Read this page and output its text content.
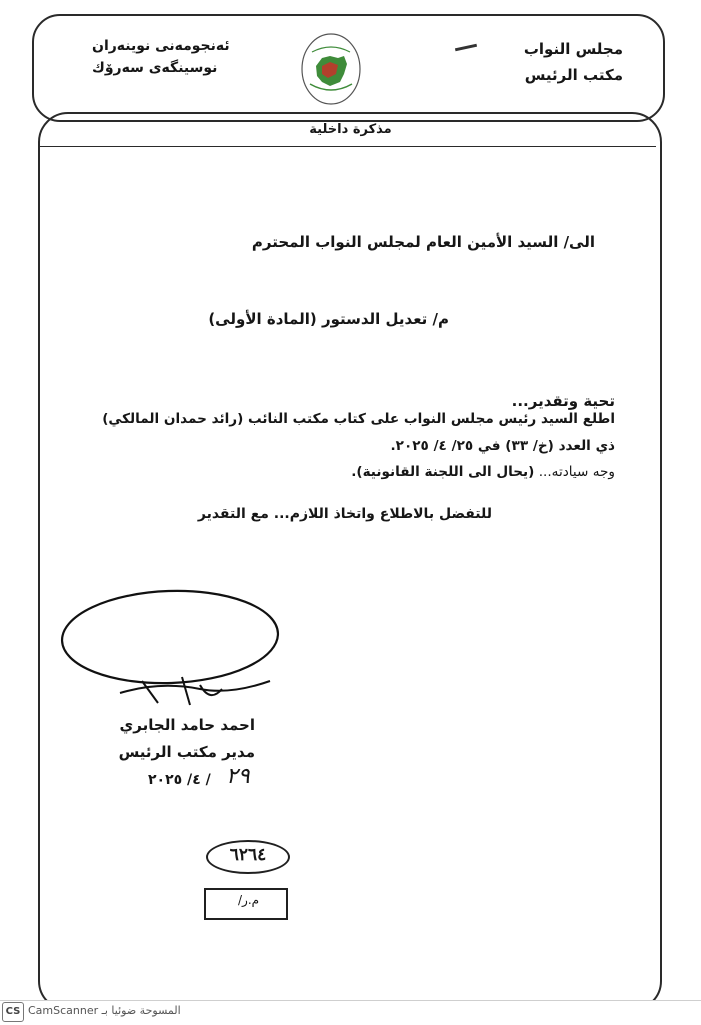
مجلس النواب
مكتب الرئيس
ئەنجومەنی نوینەران
نوسینگەی سەرۆك
مذكرة داخلية
الى/ السيد الأمين العام لمجلس النواب المحترم
م/ تعديل الدستور (المادة الأولى)
تحية وتقدير...
اطلع السيد رئيس مجلس النواب على كتاب مكتب النائب (رائد حمدان المالكي)
ذي العدد (خ/ ٣٣) في ٢٥/ ٤/ ٢٠٢٥.
وجه سيادته... (يحال الى اللجنة القانونية).
للتفضل بالاطلاع واتخاذ اللازم... مع التقدير
احمد حامد الجابري
مدير مكتب الرئيس
٢٩
/ ٤/ ٢٠٢٥
٦٢٦٤
م.ر/
CS المسوحة ضوئيا بـ CamScanner
